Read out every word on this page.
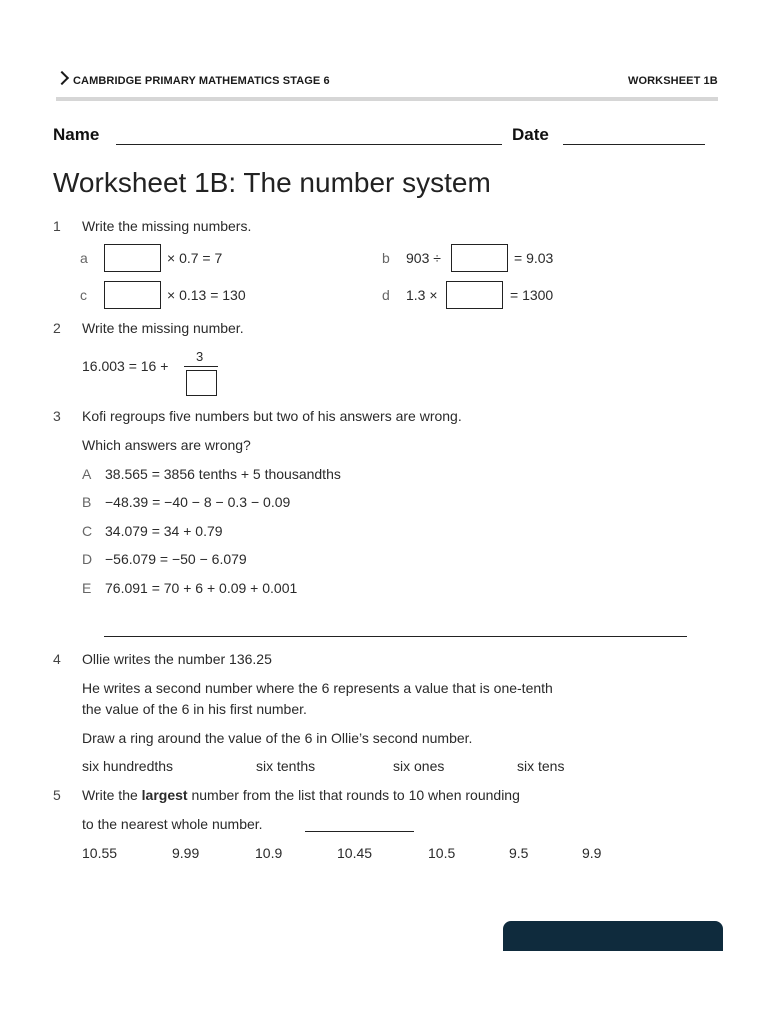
CAMBRIDGE PRIMARY MATHEMATICS STAGE 6	WORKSHEET 1B
Name	Date
Worksheet 1B: The number system
1 Write the missing numbers.
a	× 0.7 = 7	b 903 ÷	= 9.03
c	× 0.13 = 130	d 1.3 ×	= 1300
2 Write the missing number.
16.003 = 16 +
3
3 Kofi regroups five numbers but two of his answers are wrong.
Which answers are wrong?
A 38.565 = 3856 tenths + 5 thousandths
B −48.39 = −40 − 8 − 0.3 − 0.09
C 34.079 = 34 + 0.79
D −56.079 = −50 − 6.079
E 76.091 = 70 + 6 + 0.09 + 0.001
4 Ollie writes the number 136.25
He writes a second number where the 6 represents a value that is one-tenth
the value of the 6 in his first number.
Draw a ring around the value of the 6 in Ollie’s second number.
six hundredths	six tenths	six ones	six tens
5 Write the largest number from the list that rounds to 10 when rounding
to the nearest whole number.
10.55	9.99	10.9	10.45	10.5	9.5	9.9
